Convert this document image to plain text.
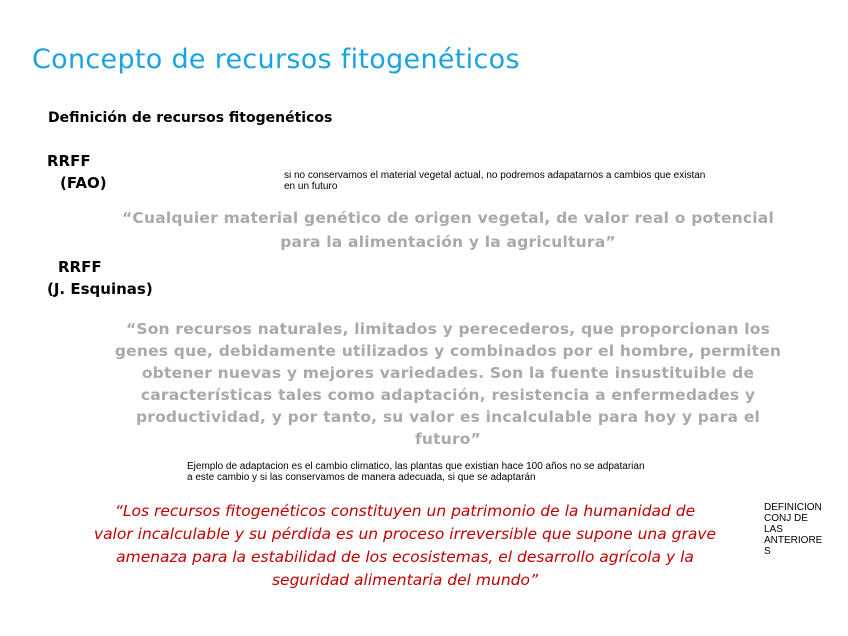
Concepto de recursos fitogenéticos
Definición de recursos fitogenéticos
RRFF
(FAO)	si no conservamos el material vegetal actual, no podremos adapatarnos a cambios que existan
en un futuro
“Cualquier material genético de origen vegetal, de valor real o potencial
para la alimentación y la agricultura”
RRFF
(J. Esquinas)
“Son recursos naturales, limitados y perecederos, que proporcionan los
genes que, debidamente utilizados y combinados por el hombre, permiten
obtener nuevas y mejores variedades. Son la fuente insustituible de
características tales como adaptación, resistencia a enfermedades y
productividad, y por tanto, su valor es incalculable para hoy y para el
futuro”
Ejemplo de adaptacion es el cambio climatico, las plantas que existian hace 100 años no se adpatarian
a este cambio y si las conservamos de manera adecuada, si que se adaptarán
“Los recursos fitogenéticos constituyen un patrimonio de la humanidad de
valor incalculable y su pérdida es un proceso irreversible que supone una grave
amenaza para la estabilidad de los ecosistemas, el desarrollo agrícola y la
seguridad alimentaria del mundo”
DEFINICION
CONJ DE
LAS
ANTERIORE
S
